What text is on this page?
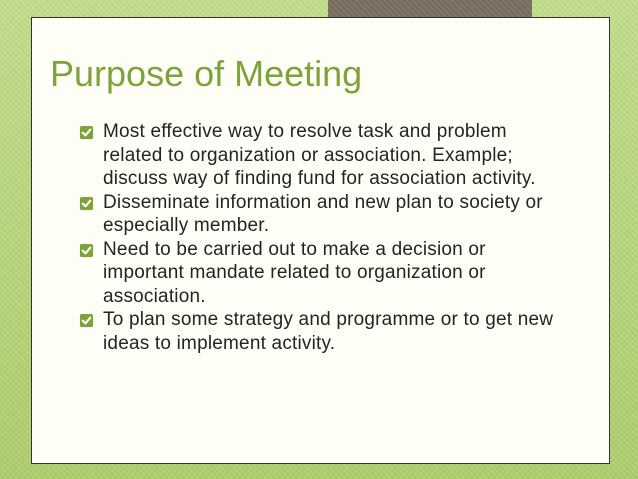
Purpose of Meeting
Most effective way to resolve task and problem related to organization or association. Example; discuss way of finding fund for association activity.
Disseminate information and new plan to society or especially member.
Need to be carried out to make a decision or important mandate related to organization or association.
To plan some strategy and programme or to get new ideas to implement activity.
